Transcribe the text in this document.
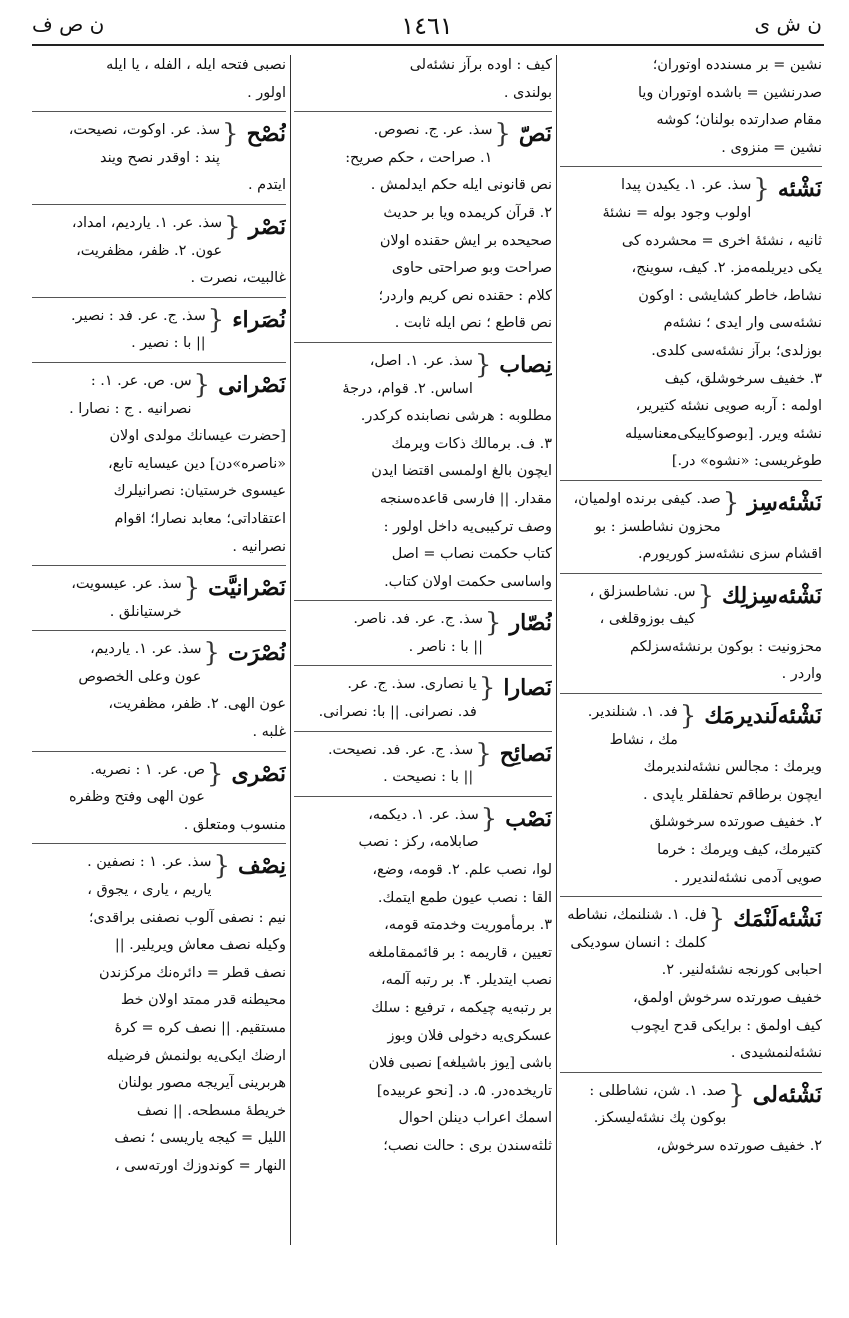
ن ش ى
١٤٦١
ن ص ف
نشین = بر مسندده اوتوران؛
صدرنشین = باشده اوتوران ویا
مقام صدارتده بولنان؛ کوشه
نشین = منزوی .
نَشْئه
{
سذ. عر. ۱. یکیدن پیدا
اولوب وجود بوله = نشئهٔ
ثانیه ، نشئهٔ اخری = محشرده کی
یکی دیریلمه‌مز. ۲. کیف، سوینج،
نشاط، خاطر کشایشی : اوکون
نشئه‌سی وار ایدی ؛ نشئه‌م
بوزلدی؛ برآز نشئه‌سی کلدی.
۳. خفیف سرخوشلق، کیف
اولمه : آربه صویی نشئه کتیریر،
نشئه ویرر. [بوصوکاییکی‌معناسیله
طوغریسی: «نشوه» در.]
نَشْئه‌سِز
{
صد. کیفی برنده اولمیان،
محزون نشاطسز : بو
اقشام سزی نشئه‌سز کوریورم.
نَشْئه‌سِزلِك
{
س. نشاطسزلق ،
کیف بوزوقلغی ،
محزونیت : بوکون برنشئه‌سزلکم
واردر .
نَشْئه‌لَندیرمَك
{
فد. ۱. شنلندیر.
مك ، نشاط
ویرمك : مجالس نشئه‌لندیرمك
ایچون برطاقم تحفلقلر یاپدی .
۲. خفیف صورتده سرخوشلق
کتیرمك، کیف ویرمك : خرما
صویی آدمی نشئه‌لندیرر .
نَشْئه‌لَنْمَك
{
فل. ۱. شنلنمك، نشاطه
کلمك : انسان سودیکی
احبابی کورنجه نشئه‌لنیر. ۲.
خفیف صورتده سرخوش اولمق،
کیف اولمق : برایکی قدح ایچوب
نشئه‌لنمشیدی .
نَشْئه‌لی
{
صد. ۱. شن، نشاطلی :
بوکون پك نشئه‌لیسکز.
۲. خفیف صورتده سرخوش،
کیف : اوده برآز نشئه‌لی
بولندی .
نَصّ
{
سذ. عر. ج. نصوص.
۱. صراحت ، حکم صریح:
نص قانونی ایله حکم ایدلمش .
۲. قرآن کریمده ویا بر حدیث
صحیحده بر ایش حقنده اولان
صراحت وبو صراحتی حاوی
کلام : حقنده نص کریم واردر؛
نص قاطع ؛ نص ایله ثابت .
نِصاب
{
سذ. عر. ۱. اصل،
اساس. ۲. قوام، درجهٔ
مطلوبه : هرشی نصابنده کرکدر.
۳. ف. برمالك ذکات ویرمك
ایچون بالغ اولمسی اقتضا ایدن
مقدار. || فارسی قاعده‌سنجه
وصف ترکیبی‌یه داخل اولور :
کتاب حکمت نصاب = اصل
واساسی حکمت اولان کتاب.
نُصّار
{
سذ. ج. عر. فد. ناصر.
|| با : ناصر .
نَصارا
{
یا نصاری. سذ. ج. عر.
فد. نصرانی. || با: نصرانی.
نَصائِح
{
سذ. ج. عر. فد. نصیحت.
|| با : نصیحت .
نَصْب
{
سذ. عر. ۱. دیکمه،
صابلامه، رکز : نصب
لوا، نصب علم. ۲. قومه، وضع،
القا : نصب عیون طمع ایتمك.
۳. برمأموریت وخدمته قومه،
تعیین ، قاریمه : بر قائممقاملغه
نصب ایتدیلر. ۴. بر رتبه آلمه،
بر رتبه‌یه چیکمه ، ترفیع : سلك
عسکری‌یه دخولی فلان وبوز
باشی [یوز باشیلغه] نصبی فلان
تاریخده‌در. ۵. د. [نحو عربیده]
اسمك اعراب دینلن احوال
ثلثه‌سندن بری : حالت نصب؛
نصبی فتحه ایله ، الفله ، یا ایله
اولور .
نُصْح
{
سذ. عر. اوکوت، نصیحت،
پند : اوقدر نصح ویند
ایتدم .
نَصْر
{
سذ. عر. ۱. یاردیم، امداد،
عون. ۲. ظفر، مظفریت،
غالبیت، نصرت .
نُصَراء
{
سذ. ج. عر. فد : نصیر.
|| با : نصیر .
نَصْرانی
{
س. ص. عر. ۱. :
نصرانیه . ج : نصارا .
[حضرت عیسانك مولدی اولان
«ناصره»دن] دین عیسایه تابع،
عیسوی خرستیان: نصرانیلرك
اعتقاداتی؛ معابد نصارا؛ اقوام
نصرانیه .
نَصْرانیَّت
{
سذ. عر. عیسویت،
خرستیانلق .
نُصْرَت
{
سذ. عر. ۱. یاردیم،
عون وعلی الخصوص
عون الهی. ۲. ظفر، مظفریت،
غلبه .
نَصْری
{
ص. عر. ۱ : نصریه.
عون الهی وفتح وظفره
منسوب ومتعلق .
نِصْف
{
سذ. عر. ۱ : نصفین .
یاریم ، یاری ، یجوق ،
نیم : نصفی آلوب نصفنی براقدی؛
وکیله نصف معاش ویریلیر. ||
نصف قطر = دائره‌نك مرکزندن
محیطنه قدر ممتد اولان خط
مستقیم. || نصف کره = کرهٔ
ارضك ایکی‌یه بولنمش فرضیله
هربرینی آیریجه مصور بولنان
خریطهٔ مسطحه. || نصف
اللیل = کیجه یاریسی ؛ نصف
النهار = کوندوزك اورته‌سی ،
